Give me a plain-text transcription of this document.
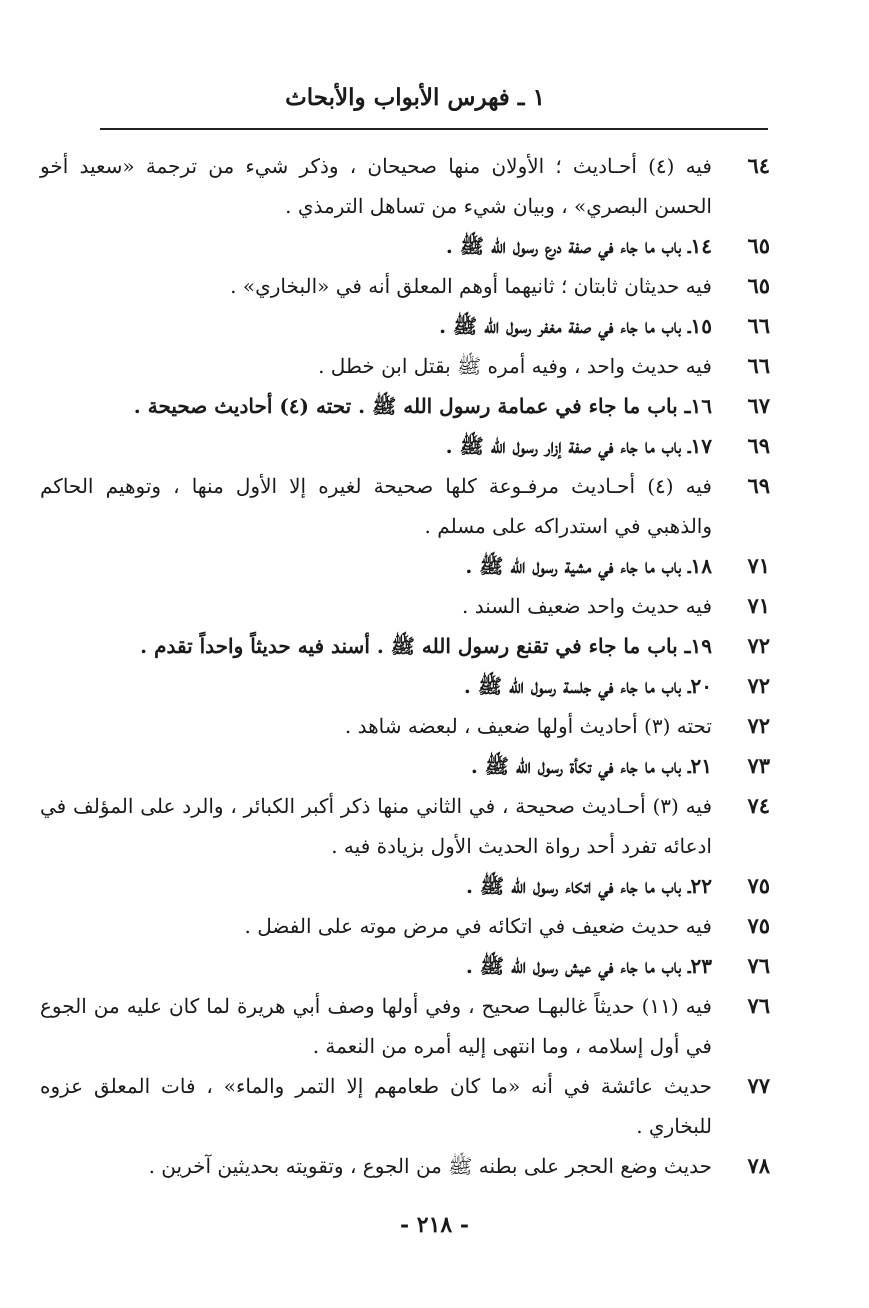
١ ـ فهرس الأبواب والأبحاث
٦٤
فيه (٤) أحـاديث ؛ الأولان منها صحيحان ، وذكر شيء من ترجمة «سعيد أخو الحسن البصري» ، وبيان شيء من تساهل الترمذي .
٦٥
١٤ـ باب ما جاء في صفة درع رسول الله ﷺ .
٦٥
فيه حديثان ثابتان ؛ ثانيهما أوهم المعلق أنه في «البخاري» .
٦٦
١٥ـ باب ما جاء في صفة مغفر رسول الله ﷺ .
٦٦
فيه حديث واحد ، وفيه أمره ﷺ بقتل ابن خطل .
٦٧
١٦ـ باب ما جاء في عمامة رسول الله ﷺ . تحته (٤) أحاديث صحيحة .
٦٩
١٧ـ باب ما جاء في صفة إزار رسول الله ﷺ .
٦٩
فيه (٤) أحـاديث مرفـوعة كلها صحيحة لغيره إلا الأول منها ، وتوهيم الحاكم والذهبي في استدراكه على مسلم .
٧١
١٨ـ باب ما جاء في مشية رسول الله ﷺ .
٧١
فيه حديث واحد ضعيف السند .
٧٢
١٩ـ باب ما جاء في تقنع رسول الله ﷺ . أسند فيه حديثاً واحداً تقدم .
٧٢
٢٠ـ باب ما جاء في جلسة رسول الله ﷺ .
٧٢
تحته (٣) أحاديث أولها ضعيف ، لبعضه شاهد .
٧٣
٢١ـ باب ما جاء في تكأة رسول الله ﷺ .
٧٤
فيه (٣) أحـاديث صحيحة ، في الثاني منها ذكر أكبر الكبائر ، والرد على المؤلف في ادعائه تفرد أحد رواة الحديث الأول بزيادة فيه .
٧٥
٢٢ـ باب ما جاء في اتكاء رسول الله ﷺ .
٧٥
فيه حديث ضعيف في اتكائه في مرض موته على الفضل .
٧٦
٢٣ـ باب ما جاء في عيش رسول الله ﷺ .
٧٦
فيه (١١) حديثاً غالبهـا صحيح ، وفي أولها وصف أبي هريرة لما كان عليه من الجوع في أول إسلامه ، وما انتهى إليه أمره من النعمة .
٧٧
حديث عائشة في أنه «ما كان طعامهم إلا التمر والماء» ، فات المعلق عزوه للبخاري .
٧٨
حديث وضع الحجر على بطنه ﷺ من الجوع ، وتقويته بحديثين آخرين .
- ٢١٨ -
